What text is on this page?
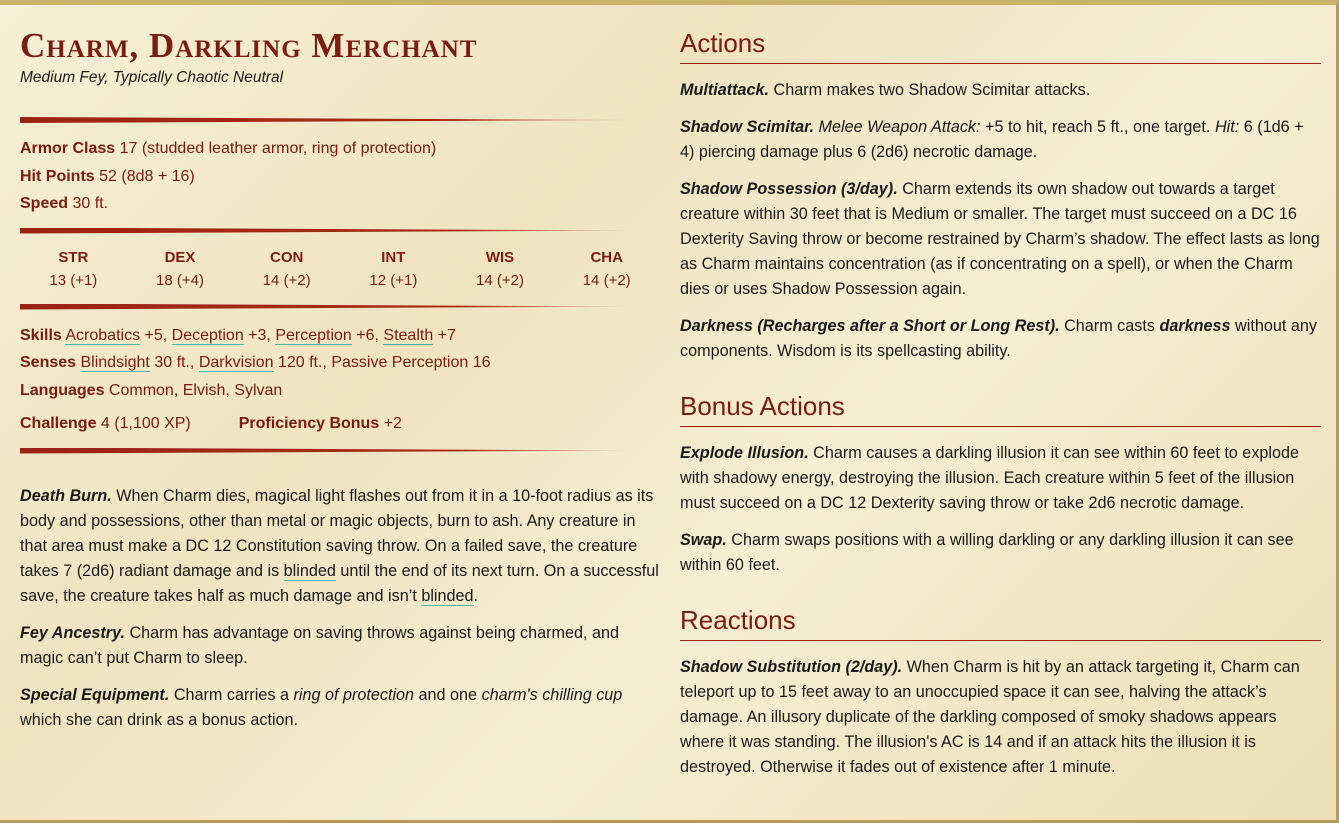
Charm, Darkling Merchant
Medium Fey, Typically Chaotic Neutral
Armor Class 17 (studded leather armor, ring of protection)
Hit Points 52 (8d8 + 16)
Speed 30 ft.
STR
13 (+1)
DEX
18 (+4)
CON
14 (+2)
INT
12 (+1)
WIS
14 (+2)
CHA
14 (+2)
Skills Acrobatics +5, Deception +3, Perception +6, Stealth +7
Senses Blindsight 30 ft., Darkvision 120 ft., Passive Perception 16
Languages Common, Elvish, Sylvan
Challenge 4 (1,100 XP)	Proficiency Bonus +2

Death Burn. When Charm dies, magical light flashes out from it in a 10-foot radius as its body and possessions, other than metal or magic objects, burn to ash. Any creature in that area must make a DC 12 Constitution saving throw. On a failed save, the creature takes 7 (2d6) radiant damage and is blinded until the end of its next turn. On a successful save, the creature takes half as much damage and isn’t blinded.

Fey Ancestry. Charm has advantage on saving throws against being charmed, and magic can’t put Charm to sleep.

Special Equipment. Charm carries a ring of protection and one charm's chilling cup which she can drink as a bonus action.

Actions

Multiattack. Charm makes two Shadow Scimitar attacks.

Shadow Scimitar. Melee Weapon Attack: +5 to hit, reach 5 ft., one target. Hit: 6 (1d6 + 4) piercing damage plus 6 (2d6) necrotic damage.

Shadow Possession (3/day). Charm extends its own shadow out towards a target creature within 30 feet that is Medium or smaller. The target must succeed on a DC 16 Dexterity Saving throw or become restrained by Charm’s shadow. The effect lasts as long as Charm maintains concentration (as if concentrating on a spell), or when the Charm dies or uses Shadow Possession again.

Darkness (Recharges after a Short or Long Rest). Charm casts darkness without any components. Wisdom is its spellcasting ability.

Bonus Actions

Explode Illusion. Charm causes a darkling illusion it can see within 60 feet to explode with shadowy energy, destroying the illusion. Each creature within 5 feet of the illusion must succeed on a DC 12 Dexterity saving throw or take 2d6 necrotic damage.

Swap. Charm swaps positions with a willing darkling or any darkling illusion it can see within 60 feet.

Reactions

Shadow Substitution (2/day). When Charm is hit by an attack targeting it, Charm can teleport up to 15 feet away to an unoccupied space it can see, halving the attack’s damage. An illusory duplicate of the darkling composed of smoky shadows appears where it was standing. The illusion's AC is 14 and if an attack hits the illusion it is destroyed. Otherwise it fades out of existence after 1 minute.
